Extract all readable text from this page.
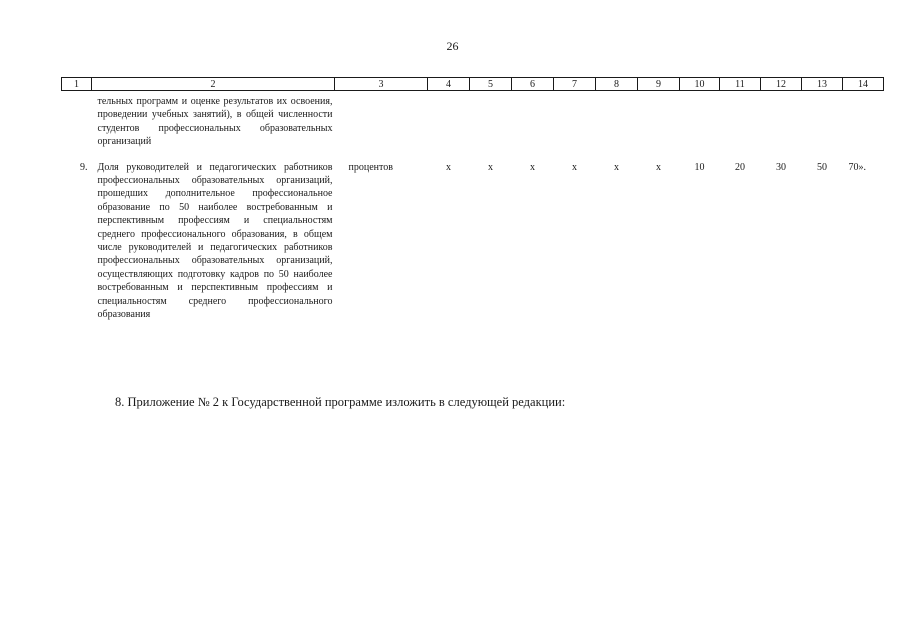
26
1	2	3	4	5	6	7	8	9	10	11	12	13	14
	тельных программ и оценке результатов их освоения, проведении учебных занятий), в общей численности студентов профессиональных образовательных организаций												
9.	Доля руководителей и педагогических работников профессиональных образовательных организаций, прошедших дополнительное профессиональное образование по 50 наиболее востребованным и перспективным профессиям и специальностям среднего профессионального образования, в общем числе руководителей и педагогических работников профессиональных образовательных организаций, осуществляющих подготовку кадров по 50 наиболее востребованным и перспективным профессиям и специальностям среднего профессионального образования	процентов	х	х	х	х	х	х	10	20	30	50	70».
8. Приложение № 2 к Государственной программе изложить в следующей редакции:
